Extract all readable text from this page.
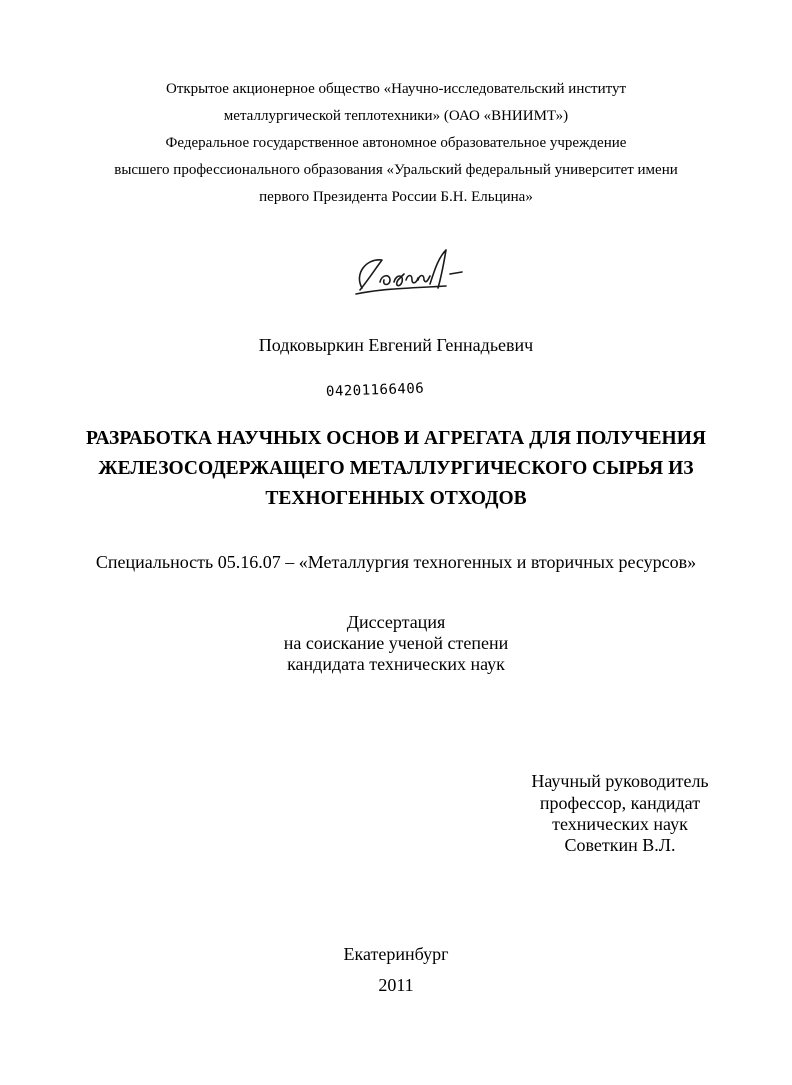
Открытое акционерное общество «Научно-исследовательский институт
металлургической теплотехники» (ОАО «ВНИИМТ»)
Федеральное государственное автономное образовательное учреждение
высшего профессионального образования «Уральский федеральный университет имени
первого Президента России Б.Н. Ельцина»
Подковыркин Евгений Геннадьевич
04201166406
РАЗРАБОТКА НАУЧНЫХ ОСНОВ И АГРЕГАТА ДЛЯ ПОЛУЧЕНИЯ
ЖЕЛЕЗОСОДЕРЖАЩЕГО МЕТАЛЛУРГИЧЕСКОГО СЫРЬЯ ИЗ
ТЕХНОГЕННЫХ ОТХОДОВ
Специальность 05.16.07 – «Металлургия техногенных и вторичных ресурсов»
Диссертация
на соискание ученой степени
кандидата технических наук
Научный руководитель
профессор, кандидат
технических наук
Советкин В.Л.
Екатеринбург
2011
